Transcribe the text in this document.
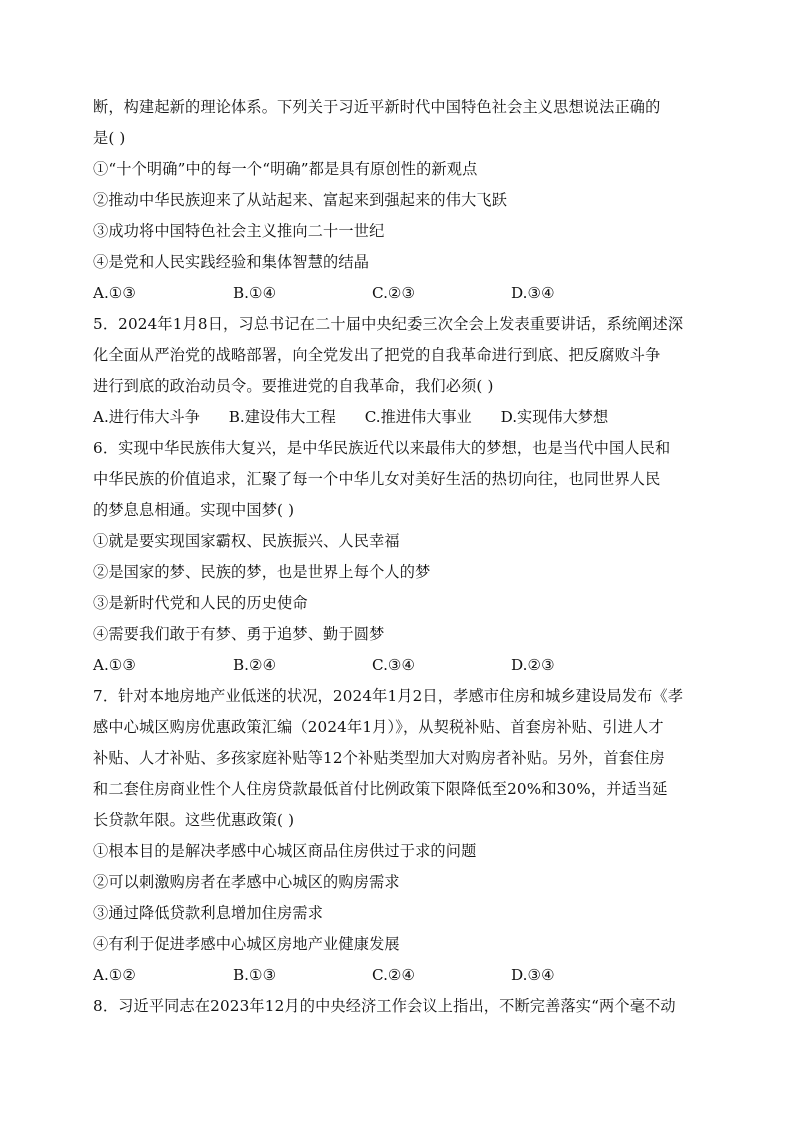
断，构建起新的理论体系。下列关于习近平新时代中国特色社会主义思想说法正确的
是( )
①“十个明确”中的每一个“明确”都是具有原创性的新观点
②推动中华民族迎来了从站起来、富起来到强起来的伟大飞跃
③成功将中国特色社会主义推向二十一世纪
④是党和人民实践经验和集体智慧的结晶
A.①③	B.①④	C.②③	D.③④
5．2024年1月8日，习总书记在二十届中央纪委三次全会上发表重要讲话，系统阐述深
化全面从严治党的战略部署，向全党发出了把党的自我革命进行到底、把反腐败斗争
进行到底的政治动员令。要推进党的自我革命，我们必须( )
A.进行伟大斗争 B.建设伟大工程 C.推进伟大事业 D.实现伟大梦想
6．实现中华民族伟大复兴，是中华民族近代以来最伟大的梦想，也是当代中国人民和
中华民族的价值追求，汇聚了每一个中华儿女对美好生活的热切向往，也同世界人民
的梦息息相通。实现中国梦( )
①就是要实现国家霸权、民族振兴、人民幸福
②是国家的梦、民族的梦，也是世界上每个人的梦
③是新时代党和人民的历史使命
④需要我们敢于有梦、勇于追梦、勤于圆梦
A.①③	B.②④	C.③④	D.②③
7．针对本地房地产业低迷的状况，2024年1月2日，孝感市住房和城乡建设局发布《孝
感中心城区购房优惠政策汇编（2024年1月）》，从契税补贴、首套房补贴、引进人才
补贴、人才补贴、多孩家庭补贴等12个补贴类型加大对购房者补贴。另外，首套住房
和二套住房商业性个人住房贷款最低首付比例政策下限降低至20%和30%，并适当延
长贷款年限。这些优惠政策( )
①根本目的是解决孝感中心城区商品住房供过于求的问题
②可以刺激购房者在孝感中心城区的购房需求
③通过降低贷款利息增加住房需求
④有利于促进孝感中心城区房地产业健康发展
A.①②	B.①③	C.②④	D.③④
8．习近平同志在2023年12月的中央经济工作会议上指出，不断完善落实“两个毫不动
